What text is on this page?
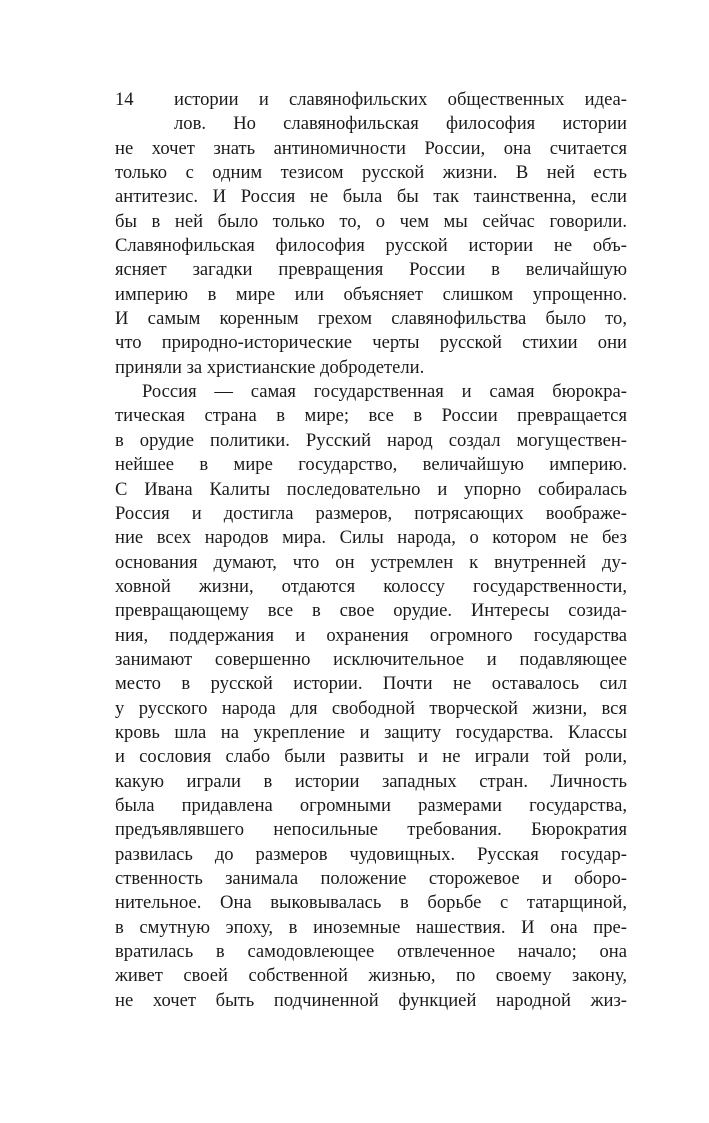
14 истории и славянофильских общественных идеа-
лов. Но славянофильская философия истории
не хочет знать антиномичности России, она считается
только с одним тезисом русской жизни. В ней есть
антитезис. И Россия не была бы так таинственна, если
бы в ней было только то, о чем мы сейчас говорили.
Славянофильская философия русской истории не объ-
ясняет загадки превращения России в величайшую
империю в мире или объясняет слишком упрощенно.
И самым коренным грехом славянофильства было то,
что природно-исторические черты русской стихии они
приняли за христианские добродетели.
Россия — самая государственная и самая бюрокра-
тическая страна в мире; все в России превращается
в орудие политики. Русский народ создал могуществен-
нейшее в мире государство, величайшую империю.
С Ивана Калиты последовательно и упорно собиралась
Россия и достигла размеров, потрясающих воображе-
ние всех народов мира. Силы народа, о котором не без
основания думают, что он устремлен к внутренней ду-
ховной жизни, отдаются колоссу государственности,
превращающему все в свое орудие. Интересы созида-
ния, поддержания и охранения огромного государства
занимают совершенно исключительное и подавляющее
место в русской истории. Почти не оставалось сил
у русского народа для свободной творческой жизни, вся
кровь шла на укрепление и защиту государства. Классы
и сословия слабо были развиты и не играли той роли,
какую играли в истории западных стран. Личность
была придавлена огромными размерами государства,
предъявлявшего непосильные требования. Бюрократия
развилась до размеров чудовищных. Русская государ-
ственность занимала положение сторожевое и оборо-
нительное. Она выковывалась в борьбе с татарщиной,
в смутную эпоху, в иноземные нашествия. И она пре-
вратилась в самодовлеющее отвлеченное начало; она
живет своей собственной жизнью, по своему закону,
не хочет быть подчиненной функцией народной жиз-
